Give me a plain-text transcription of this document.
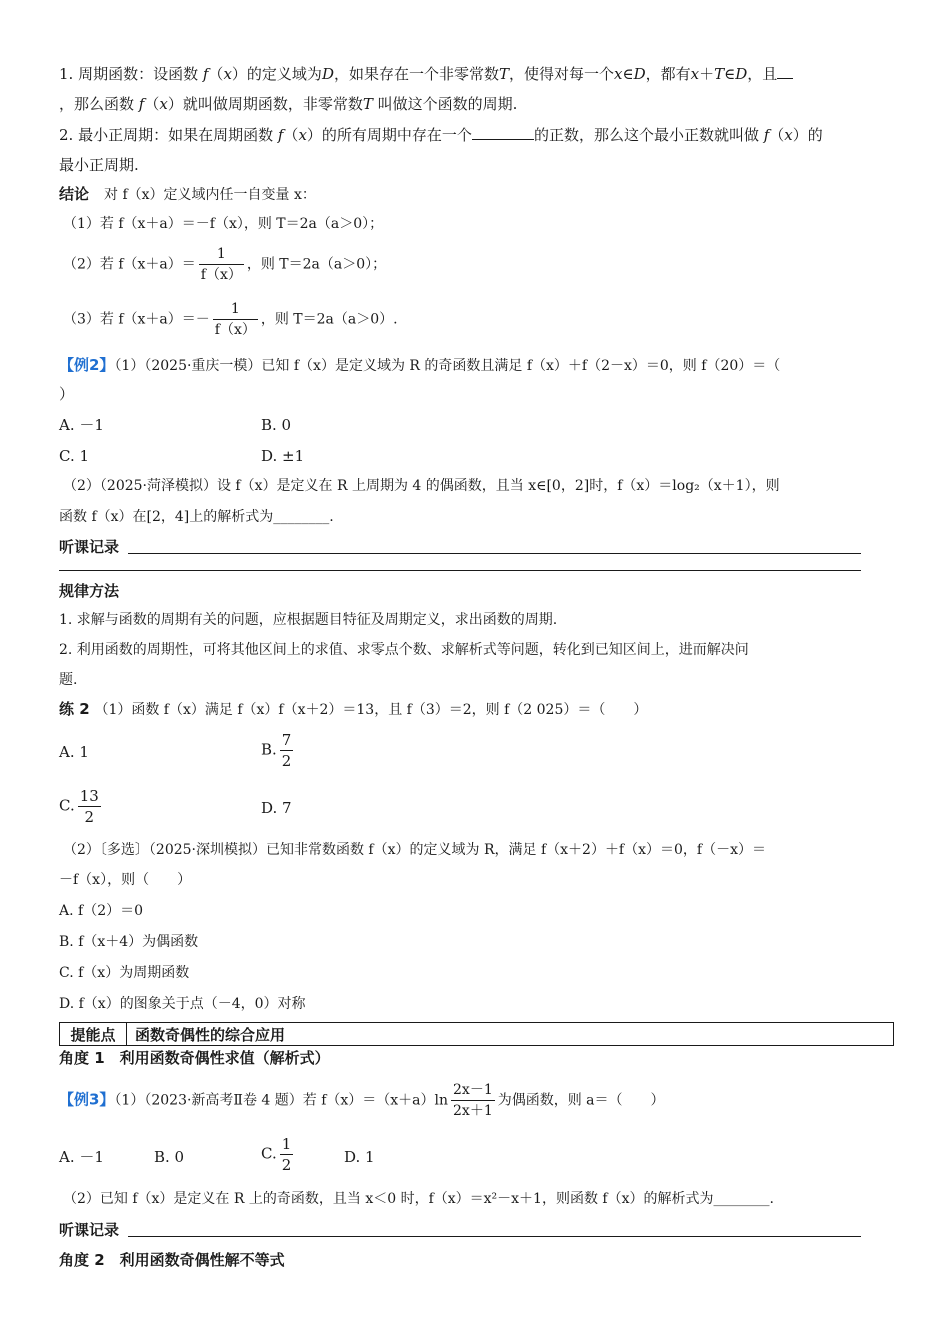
1. 周期函数：设函数 f（x）的定义域为D，如果存在一个非零常数T，使得对每一个x∈D，都有x＋T∈D，且
，那么函数 f（x）就叫做周期函数，非零常数T 叫做这个函数的周期.
2. 最小正周期：如果在周期函数 f（x）的所有周期中存在一个	的正数，那么这个最小正数就叫做 f（x）的
最小正周期.
结论　 对 f（x）定义域内任一自变量 x：
（1）若 f（x＋a）＝－f（x），则 T＝2a（a＞0）；
（2）若 $f(x+a)= \frac{1}{f(x)}$ ，则 T＝2a（a＞0）；
（3）若 $f(x+a)=- \frac{1}{f(x)}$ ，则 T＝2a（a＞0）.
【例2】（1）（2025·重庆一模）已知 f（x）是定义域为 R 的奇函数且满足 f（x）＋f（2－x）＝0，则 f（20）＝（
）
A. －1	B. 0
C. 1	D. ±1
（2）（2025·菏泽模拟）设 f（x）是定义在 R 上周期为 4 的偶函数，且当 x∈[0，2]时，f（x）＝log₂（x＋1），则
函数 f（x）在[2，4]上的解析式为________.
听课记录
规律方法
1. 求解与函数的周期有关的问题，应根据题目特征及周期定义，求出函数的周期.
2. 利用函数的周期性，可将其他区间上的求值、求零点个数、求解析式等问题，转化到已知区间上，进而解决问
题.
练 2 （1）函数 f（x）满足 f（x）f（x＋2）＝13，且 f（3）＝2，则 f（2 025）＝（　　）
A. 1	B. $\frac{7}{2}$
C. $\frac{13}{2}$	D. 7
（2）〔多选〕（2025·深圳模拟）已知非常数函数 f（x）的定义域为 R，满足 f（x＋2）＋f（x）＝0，f（－x）＝
－f（x），则（　　）
A. f（2）＝0
B. f（x＋4）为偶函数
C. f（x）为周期函数
D. f（x）的图象关于点（－4，0）对称
提能点	函数奇偶性的综合应用
角度 1　利用函数奇偶性求值（解析式）
【例3】（1）（2023·新高考Ⅱ卷 4 题）若 $f(x)=(x+a)\ln \frac{2x-1}{2x+1}$ 为偶函数，则 a＝（　　）
A. －1	B. 0	C. $\frac{1}{2}$	D. 1
（2）已知 f（x）是定义在 R 上的奇函数，且当 x＜0 时，f（x）＝x²－x＋1，则函数 f（x）的解析式为________.
听课记录
角度 2　利用函数奇偶性解不等式
